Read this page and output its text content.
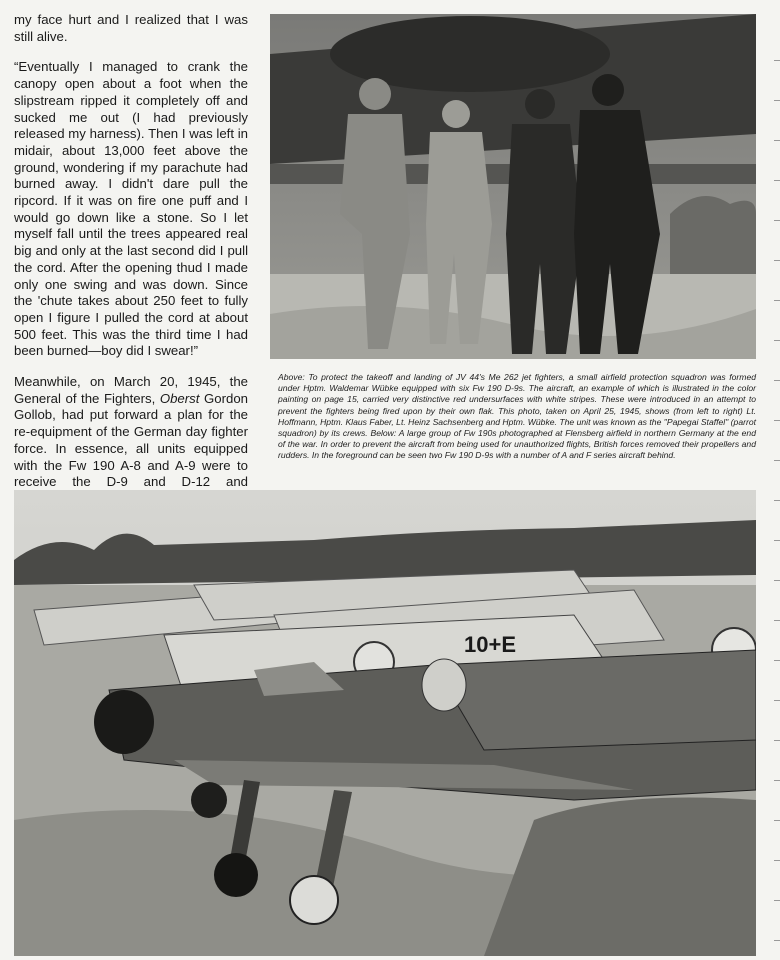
my face hurt and I realized that I was still alive.

“Eventually I managed to crank the canopy open about a foot when the slipstream ripped it completely off and sucked me out (I had previously released my harness). Then I was left in midair, about 13,000 feet above the ground, wondering if my parachute had burned away. I didn't dare pull the ripcord. If it was on fire one puff and I would go down like a stone. So I let myself fall until the trees appeared real big and only at the last second did I pull the cord. After the opening thud I made only one swing and was down. Since the 'chute takes about 250 feet to fully open I figure I pulled the cord at about 500 feet. This was the third time I had been burned—boy did I swear!”

Meanwhile, on March 20, 1945, the General of the Fighters, Oberst Gordon Gollob, had put forward a plan for the re-equipment of the German day fighter force. In essence, all units equipped with the Fw 190 A-8 and A-9 were to receive the D-9 and D-12 and

Above: To protect the takeoff and landing of JV 44's Me 262 jet fighters, a small airfield protection squadron was formed under Hptm. Waldemar Wübke equipped with six Fw 190 D-9s. The aircraft, an example of which is illustrated in the color painting on page 15, carried very distinctive red undersurfaces with white stripes. These were introduced in an attempt to prevent the fighters being fired upon by their own flak. This photo, taken on April 25, 1945, shows (from left to right) Lt. Hoffmann, Hptm. Klaus Faber, Lt. Heinz Sachsenberg and Hptm. Wübke. The unit was known as the "Papegai Staffel" (parrot squadron) by its crews. Below: A large group of Fw 190s photographed at Flensberg airfield in northern Germany at the end of the war. In order to prevent the aircraft from being used for unauthorized flights, British forces removed their propellers and rudders. In the foreground can be seen two Fw 190 D-9s with a number of A and F series aircraft behind.
10+E
